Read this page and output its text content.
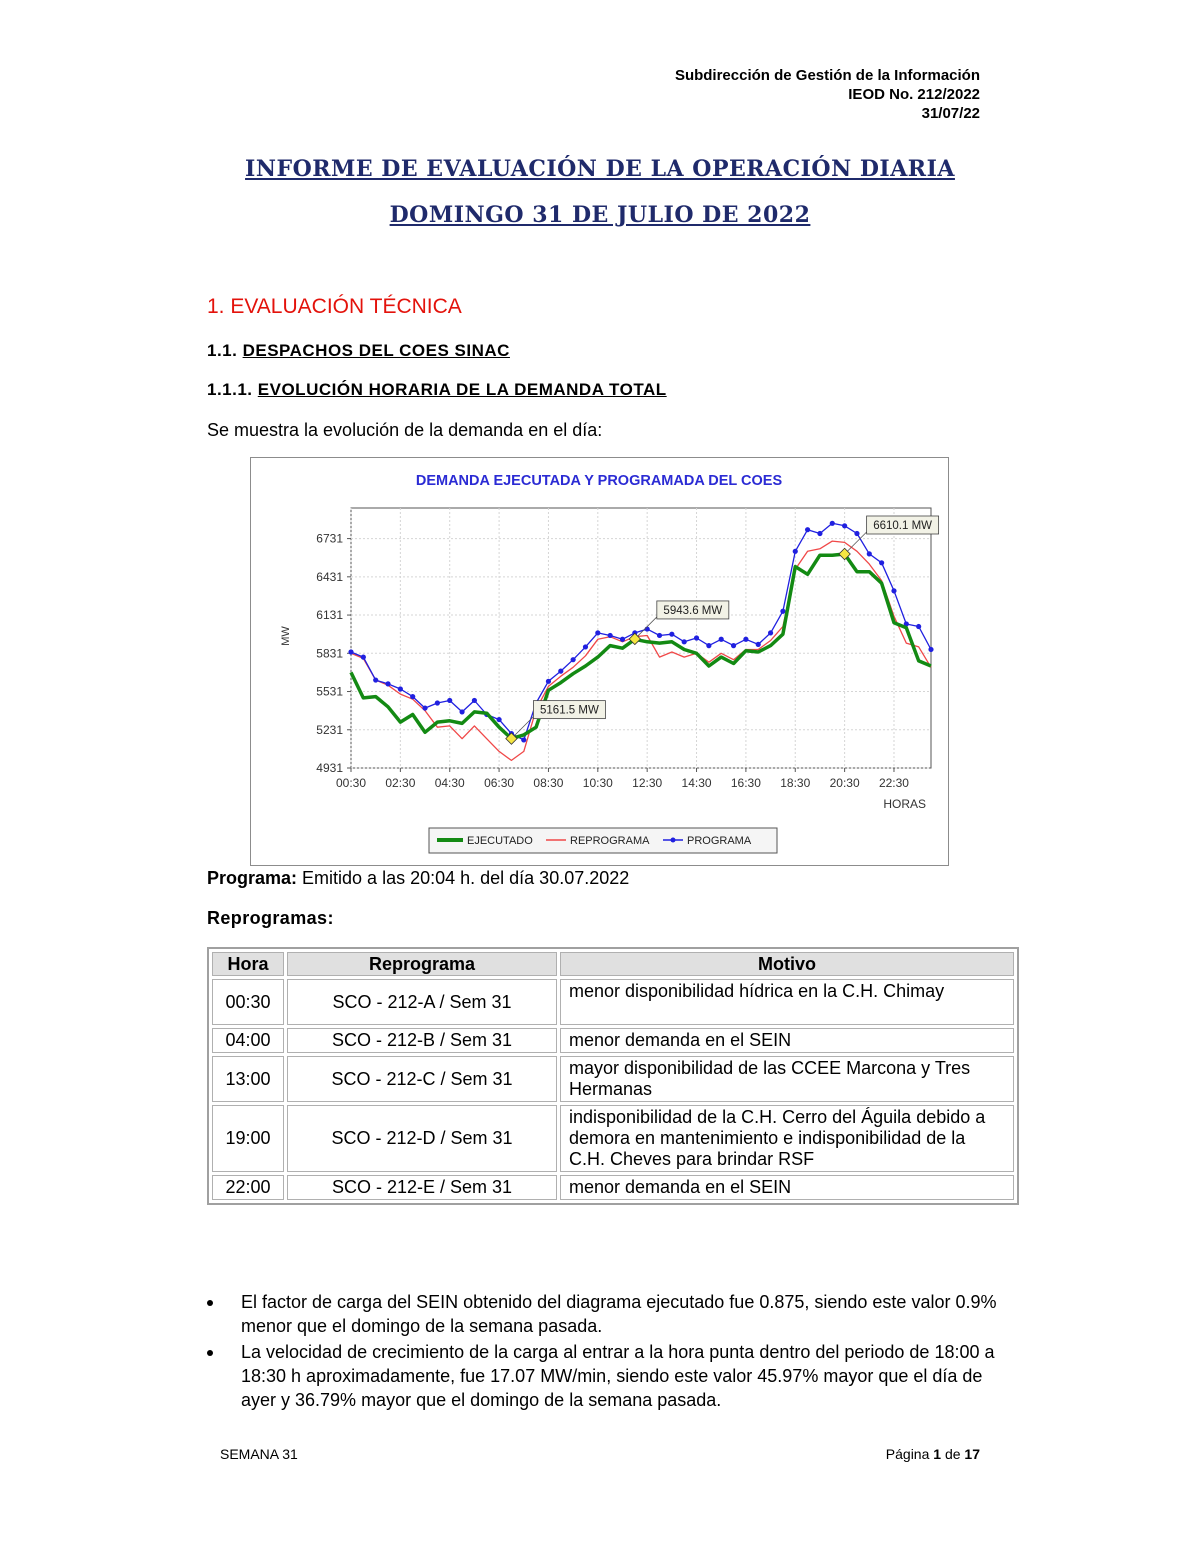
Subdirección de Gestión de la Información
IEOD No. 212/2022
31/07/22
INFORME DE EVALUACIÓN DE LA OPERACIÓN DIARIA
DOMINGO 31 DE JULIO DE 2022
1. EVALUACIÓN TÉCNICA
1.1. DESPACHOS DEL COES SINAC
1.1.1. EVOLUCIÓN HORARIA DE LA DEMANDA TOTAL
Se muestra la evolución de la demanda en el día:
DEMANDA EJECUTADA Y PROGRAMADA DEL COES
4931
5231
5531
5831
6131
6431
6731
00:30 02:30 04:30 06:30 08:30 10:30 12:30 14:30 16:30 18:30 20:30 22:30
MW
HORAS
6610.1 MW
5943.6 MW
5161.5 MW
EJECUTADO	REPROGRAMA	PROGRAMA
Programa: Emitido a las 20:04 h. del día 30.07.2022
Reprogramas:
Hora	Reprograma	Motivo
00:30	SCO - 212-A / Sem 31	menor disponibilidad hídrica en la C.H. Chimay
04:00	SCO - 212-B / Sem 31	menor demanda en el SEIN
13:00	SCO - 212-C / Sem 31	mayor disponibilidad de las CCEE Marcona y Tres Hermanas
19:00	SCO - 212-D / Sem 31	indisponibilidad de la C.H. Cerro del Águila debido a demora en mantenimiento e indisponibilidad de la C.H. Cheves para brindar RSF
22:00	SCO - 212-E / Sem 31	menor demanda en el SEIN
El factor de carga del SEIN obtenido del diagrama ejecutado fue 0.875, siendo este valor 0.9% menor que el domingo de la semana pasada.
La velocidad de crecimiento de la carga al entrar a la hora punta dentro del periodo de 18:00 a 18:30 h aproximadamente, fue 17.07 MW/min, siendo este valor 45.97% mayor que el día de ayer y 36.79% mayor que el domingo de la semana pasada.
SEMANA 31	Página 1 de 17
